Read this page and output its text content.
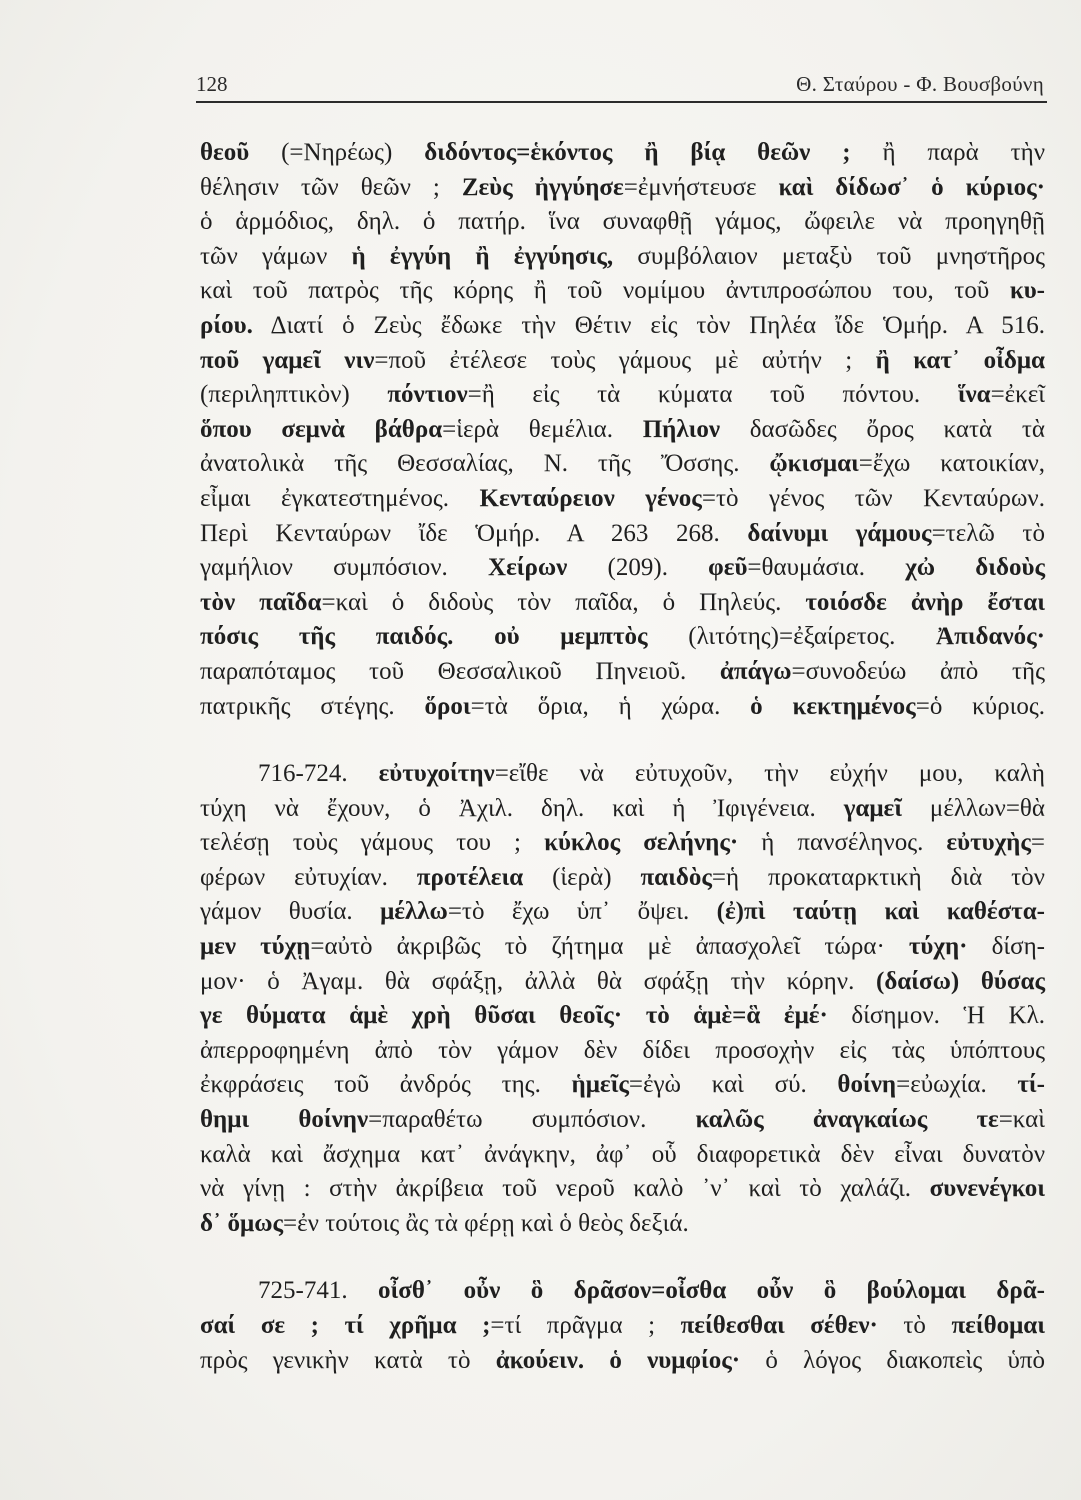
128	Θ. Σταύρου - Φ. Βουσβούνη
θεοῦ (=Νηρέως) διδόντος=ἑκόντος ἢ βίᾳ θεῶν ; ἢ παρὰ τὴν
θέλησιν τῶν θεῶν ; Ζεὺς ἠγγύησε=ἐμνήστευσε καὶ δίδωσ᾽ ὁ κύριος·
ὁ ἁρμόδιος, δηλ. ὁ πατήρ. ἵνα συναφθῇ γάμος, ὤφειλε νὰ προηγηθῇ
τῶν γάμων ἡ ἐγγύη ἢ ἐγγύησις, συμβόλαιον μεταξὺ τοῦ μνηστῆρος
καὶ τοῦ πατρὸς τῆς κόρης ἢ τοῦ νομίμου ἀντιπροσώπου του, τοῦ κυ-
ρίου. Διατί ὁ Ζεὺς ἔδωκε τὴν Θέτιν εἰς τὸν Πηλέα ἴδε Ὁμήρ. Α 516.
ποῦ γαμεῖ νιν=ποῦ ἐτέλεσε τοὺς γάμους μὲ αὐτήν ; ἢ κατ᾽ οἶδμα
(περιληπτικὸν) πόντιον=ἢ εἰς τὰ κύματα τοῦ πόντου. ἵνα=ἐκεῖ
ὅπου σεμνὰ βάθρα=ἱερὰ θεμέλια. Πήλιον δασῶδες ὄρος κατὰ τὰ
ἀνατολικὰ τῆς Θεσσαλίας, Ν. τῆς Ὄσσης. ᾤκισμαι=ἔχω κατοικίαν,
εἶμαι ἐγκατεστημένος. Κενταύρειον γένος=τὸ γένος τῶν Κενταύρων.
Περὶ Κενταύρων ἴδε Ὁμήρ. Α 263 268. δαίνυμι γάμους=τελῶ τὸ
γαμήλιον συμπόσιον. Χείρων (209). φεῦ=θαυμάσια. χὠ διδοὺς
τὸν παῖδα=καὶ ὁ διδοὺς τὸν παῖδα, ὁ Πηλεύς. τοιόσδε ἀνὴρ ἔσται
πόσις τῆς παιδός. οὐ μεμπτὸς (λιτότης)=ἐξαίρετος. Ἀπιδανός·
παραπόταμος τοῦ Θεσσαλικοῦ Πηνειοῦ. ἀπάγω=συνοδεύω ἀπὸ τῆς
πατρικῆς στέγης. ὅροι=τὰ ὅρια, ἡ χώρα. ὁ κεκτημένος=ὁ κύριος.
716-724. εὐτυχοίτην=εἴθε νὰ εὐτυχοῦν, τὴν εὐχήν μου, καλὴ
τύχη νὰ ἔχουν, ὁ Ἀχιλ. δηλ. καὶ ἡ Ἰφιγένεια. γαμεῖ μέλλων=θὰ
τελέσῃ τοὺς γάμους του ; κύκλος σελήνης· ἡ πανσέληνος. εὐτυχὴς=
φέρων εὐτυχίαν. προτέλεια (ἱερὰ) παιδὸς=ἡ προκαταρκτικὴ διὰ τὸν
γάμον θυσία. μέλλω=τὸ ἔχω ὑπ᾽ ὄψει. (ἐ)πὶ ταύτῃ καὶ καθέστα-
μεν τύχῃ=αὐτὸ ἀκριβῶς τὸ ζήτημα μὲ ἀπασχολεῖ τώρα· τύχη· δίση-
μον· ὁ Ἀγαμ. θὰ σφάξῃ, ἀλλὰ θὰ σφάξῃ τὴν κόρην. (δαίσω) θύσας
γε θύματα ἁμὲ χρὴ θῦσαι θεοῖς· τὸ ἁμὲ=ἃ ἐμέ· δίσημον. Ἡ Κλ.
ἀπερροφημένη ἀπὸ τὸν γάμον δὲν δίδει προσοχὴν εἰς τὰς ὑπόπτους
ἐκφράσεις τοῦ ἀνδρός της. ἡμεῖς=ἐγὼ καὶ σύ. θοίνη=εὐωχία. τί-
θημι θοίνην=παραθέτω συμπόσιον. καλῶς ἀναγκαίως τε=καὶ
καλὰ καὶ ἄσχημα κατ᾽ ἀνάγκην, ἀφ᾽ οὗ διαφορετικὰ δὲν εἶναι δυνατὸν
νὰ γίνῃ : στὴν ἀκρίβεια τοῦ νεροῦ καλὸ ᾽ν᾽ καὶ τὸ χαλάζι. συνενέγκοι
δ᾽ ὅμως=ἐν τούτοις ἂς τὰ φέρῃ καὶ ὁ θεὸς δεξιά.
725-741. οἶσθ᾽ οὖν ὃ δρᾶσον=οἶσθα οὖν ὃ βούλομαι δρᾶ-
σαί σε ; τί χρῆμα ;=τί πρᾶγμα ; πείθεσθαι σέθεν· τὸ πείθομαι
πρὸς γενικὴν κατὰ τὸ ἀκούειν. ὁ νυμφίος· ὁ λόγος διακοπεὶς ὑπὸ
